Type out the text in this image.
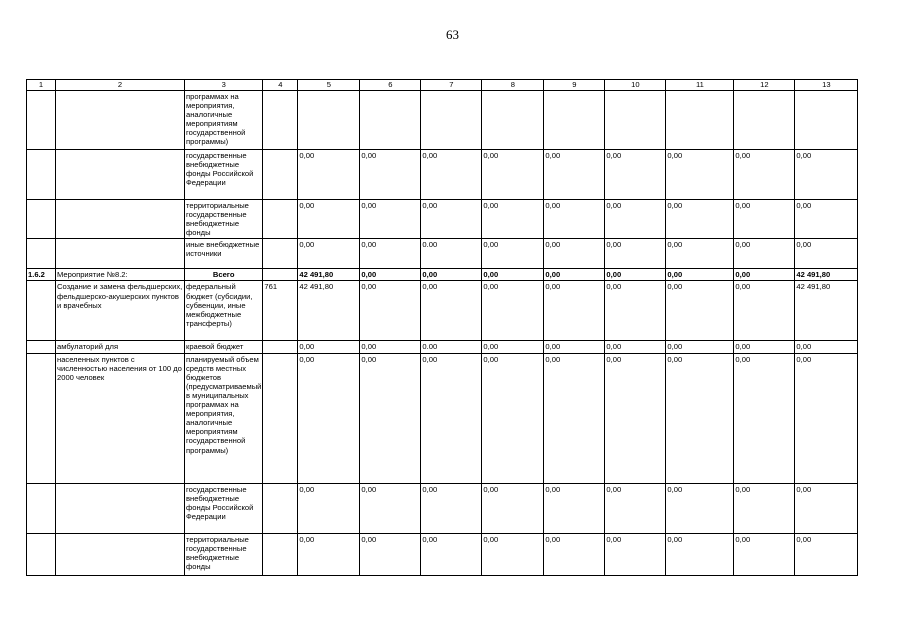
63
1	2	3	4	5	6	7	8	9	10	11	12	13
		программах на мероприятия, аналогичные мероприятиям государственной программы)										
		государственные внебюджетные фонды Российской Федерации		0,00	0,00	0,00	0,00	0,00	0,00	0,00	0,00	0,00
		территориальные государственные внебюджетные фонды		0,00	0,00	0,00	0,00	0,00	0,00	0,00	0,00	0,00
		иные внебюджетные источники		0,00	0,00	0.00	0,00	0,00	0,00	0,00	0,00	0,00
1.6.2	Мероприятие №8.2:	Всего		42 491,80	0,00	0,00	0,00	0,00	0,00	0,00	0,00	42 491,80
	Создание и замена фельдшерских, фельдшерско-акушерских пунктов и врачебных	федеральный бюджет (субсидии, субвенции, иные межбюджетные трансферты)	761	42 491,80	0,00	0,00	0,00	0,00	0,00	0,00	0,00	42 491,80
	амбулаторий для	краевой бюджет		0,00	0,00	0.00	0,00	0,00	0,00	0,00	0,00	0,00
	населенных пунктов с численностью населения от 100 до 2000 человек	планируемый объем средств местных бюджетов (предусматриваемый в муниципальных программах на мероприятия, аналогичные мероприятиям государственной программы)		0,00	0,00	0,00	0,00	0,00	0,00	0,00	0,00	0,00
		государственные внебюджетные фонды Российской Федерации		0,00	0,00	0,00	0,00	0,00	0,00	0,00	0,00	0,00
		территориальные государственные внебюджетные фонды		0,00	0,00	0,00	0,00	0,00	0,00	0,00	0,00	0,00
